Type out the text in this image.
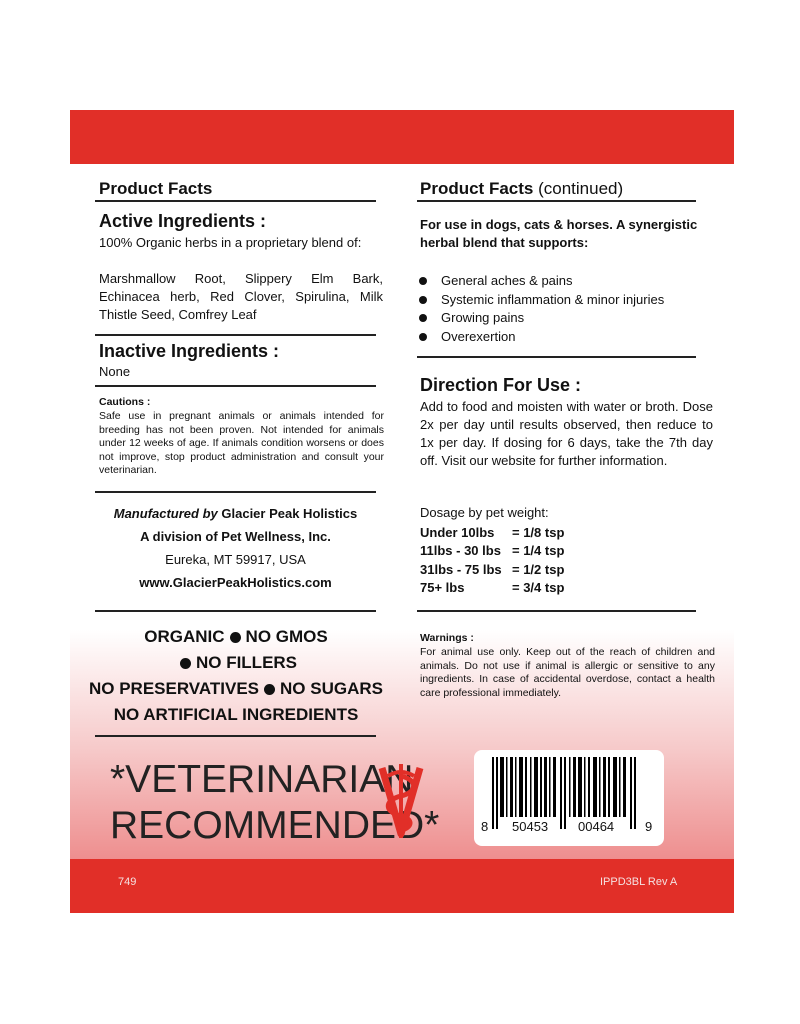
Product Facts
Active Ingredients :
100% Organic herbs in a proprietary blend of:
Marshmallow Root, Slippery Elm Bark, Echinacea herb, Red Clover, Spirulina, Milk Thistle Seed, Comfrey Leaf
Inactive Ingredients :
None
Cautions :
Safe use in pregnant animals or animals intended for breeding has not been proven. Not intended for animals under 12 weeks of age. If animals condition worsens or does not improve, stop product administration and consult your veterinarian.
Manufactured by Glacier Peak Holistics
A division of Pet Wellness, Inc.
Eureka, MT 59917, USA
www.GlacierPeakHolistics.com
ORGANIC NO GMOS
NO FILLERS
NO PRESERVATIVES NO SUGARS
NO ARTIFICIAL INGREDIENTS
*VETERINARIAN
RECOMMENDED*
Product Facts (continued)
For use in dogs, cats & horses. A synergistic herbal blend that supports:
General aches & pains
Systemic inflammation & minor injuries
Growing pains
Overexertion
Direction For Use :
Add to food and moisten with water or broth. Dose 2x per day until results observed, then reduce to 1x per day. If dosing for 6 days, take the 7th day off. Visit our website for further information.
Dosage by pet weight:
Under 10lbs	= 1/8 tsp
11lbs - 30 lbs	= 1/4 tsp
31lbs - 75 lbs	= 1/2 tsp
75+ lbs	= 3/4 tsp
Warnings :
For animal use only. Keep out of the reach of children and animals. Do not use if animal is allergic or sensitive to any ingredients. In case of accidental overdose, contact a health care professional immediately.
8 50453 00464 9
749	IPPD3BL Rev A
